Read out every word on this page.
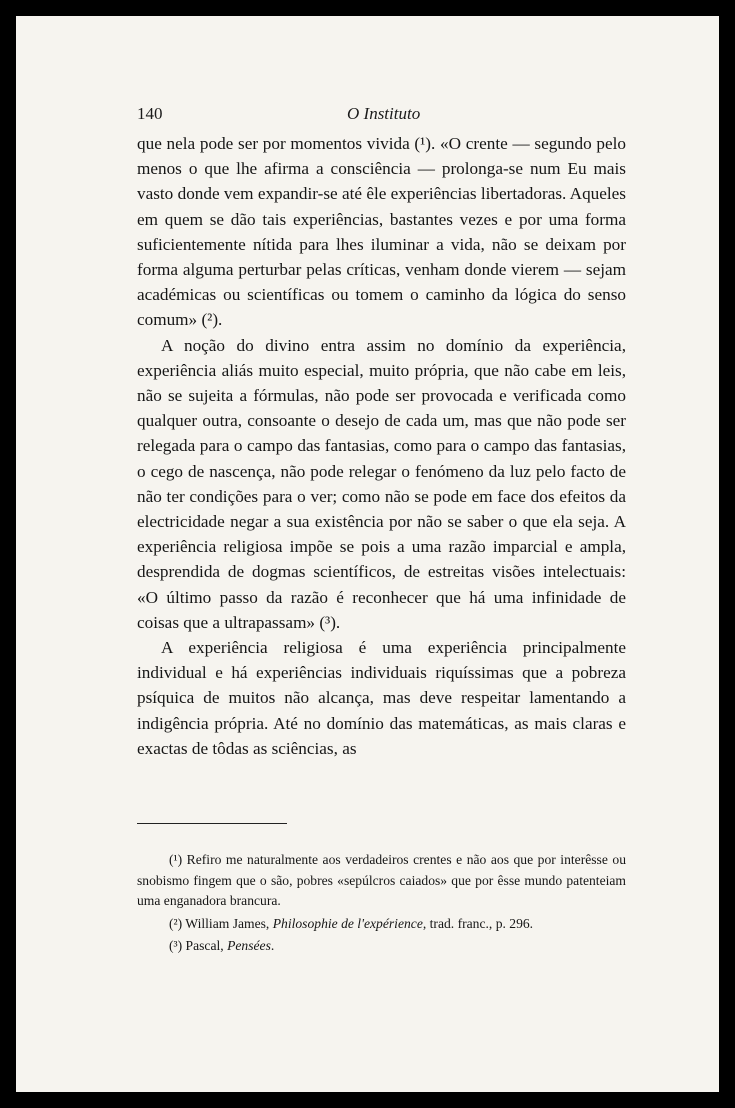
140	O Instituto

que nela pode ser por momentos vivida (¹). «O crente — segundo pelo menos o que lhe afirma a consciência — prolonga-se num Eu mais vasto donde vem expandir-se até êle experiências libertadoras. Aqueles em quem se dão tais experiências, bastantes vezes e por uma forma suficientemente nítida para lhes iluminar a vida, não se deixam por forma alguma perturbar pelas críticas, venham donde vierem — sejam académicas ou scientíficas ou tomem o caminho da lógica do senso comum» (²).

A noção do divino entra assim no domínio da experiência, experiência aliás muito especial, muito própria, que não cabe em leis, não se sujeita a fórmulas, não pode ser provocada e verificada como qualquer outra, consoante o desejo de cada um, mas que não pode ser relegada para o campo das fantasias, como para o campo das fantasias, o cego de nascença, não pode relegar o fenómeno da luz pelo facto de não ter condições para o ver; como não se pode em face dos efeitos da electricidade negar a sua existência por não se saber o que ela seja. A experiência religiosa impõe se pois a uma razão imparcial e ampla, desprendida de dogmas scientíficos, de estreitas visões intelectuais: «O último passo da razão é reconhecer que há uma infinidade de coisas que a ultrapassam» (³).

A experiência religiosa é uma experiência principalmente individual e há experiências individuais riquíssimas que a pobreza psíquica de muitos não alcança, mas deve respeitar lamentando a indigência própria. Até no domínio das matemáticas, as mais claras e exactas de tôdas as sciências, as

(¹) Refiro me naturalmente aos verdadeiros crentes e não aos que por interêsse ou snobismo fingem que o são, pobres «sepúlcros caiados» que por êsse mundo patenteiam uma enganadora brancura.

(²) William James, Philosophie de l'expérience, trad. franc., p. 296.

(³) Pascal, Pensées.
